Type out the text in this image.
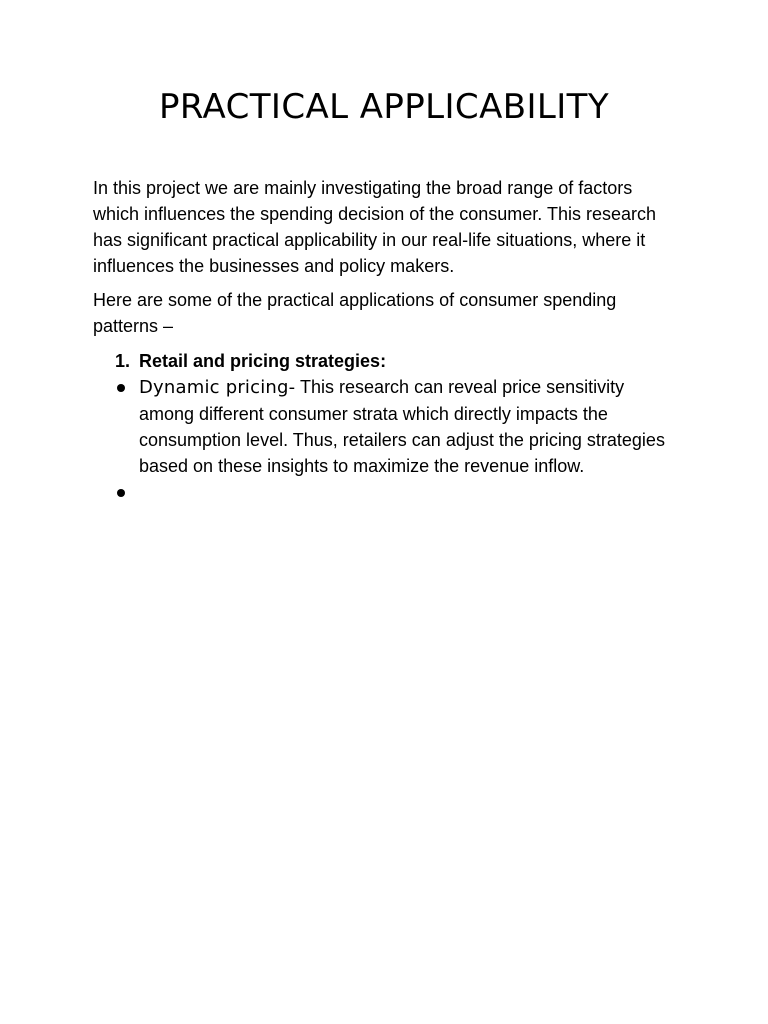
PRACTICAL APPLICABILITY

In this project we are mainly investigating the broad range of factors which influences the spending decision of the consumer. This research has significant practical applicability in our real-life situations, where it influences the businesses and policy makers.

Here are some of the practical applications of consumer spending patterns –

1. Retail and pricing strategies:
Dynamic pricing- This research can reveal price sensitivity among different consumer strata which directly impacts the consumption level. Thus, retailers can adjust the pricing strategies based on these insights to maximize the revenue inflow.
